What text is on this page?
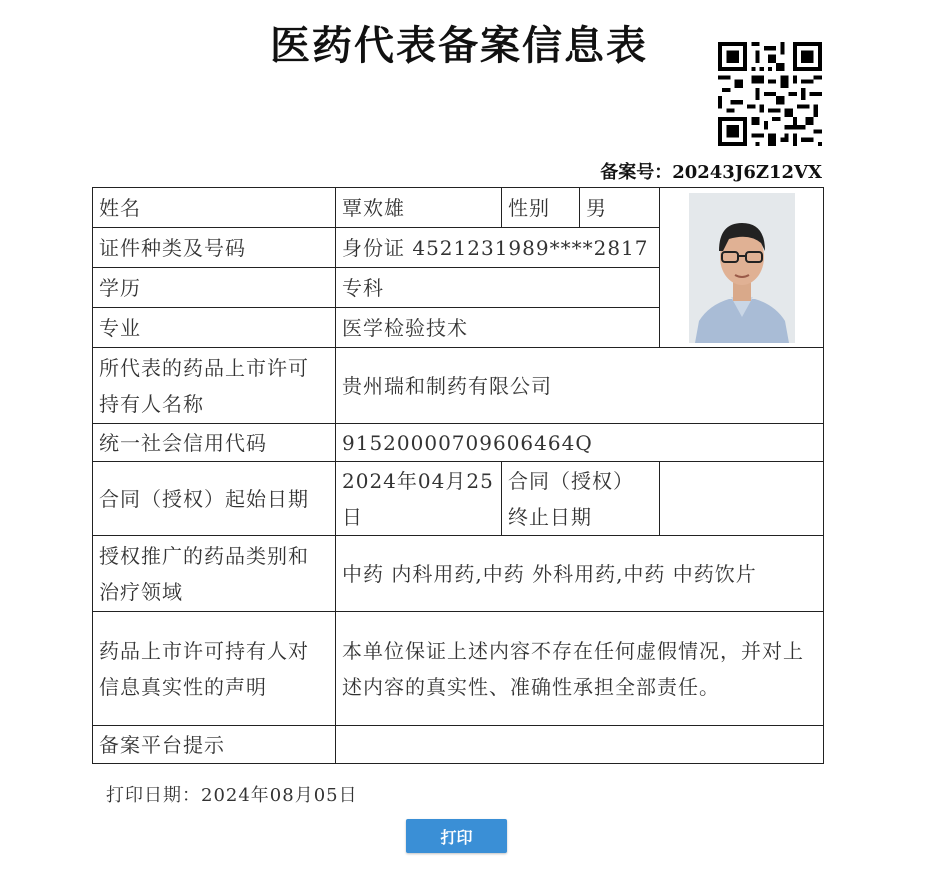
医药代表备案信息表
备案号：20243J6Z12VX
姓名	覃欢雄	性别	男	

证件种类及号码	身份证 4521231989****2817			
学历	专科			
专业	医学检验技术			
所代表的药品上市许可持有人名称	贵州瑞和制药有限公司			
统一社会信用代码	91520000709606464Q			
合同（授权）起始日期	2024年04月25日	合同（授权）终止日期		
授权推广的药品类别和治疗领域	中药 内科用药,中药 外科用药,中药 中药饮片			
药品上市许可持有人对信息真实性的声明	本单位保证上述内容不存在任何虚假情况，并对上述内容的真实性、准确性承担全部责任。			
备案平台提示				
打印日期：2024年08月05日
打印
